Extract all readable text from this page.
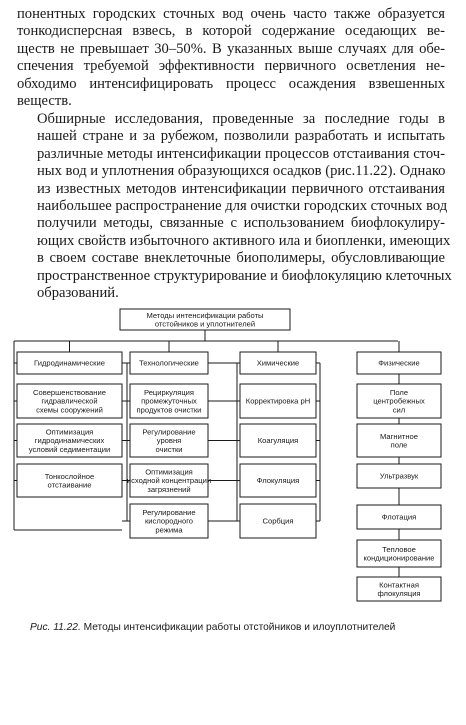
понентных городских сточных вод очень часто также образуется
тонкодисперсная взвесь, в которой содержание оседающих ве-
ществ не превышает 30–50%. В указанных выше случаях для обе-
спечения требуемой эффективности первичного осветления не-
обходимо интенсифицировать процесс осаждения взвешенных
веществ.
Обширные исследования, проведенные за последние годы в
нашей стране и за рубежом, позволили разработать и испытать
различные методы интенсификации процессов отстаивания сточ-
ных вод и уплотнения образующихся осадков (рис.11.22). Однако
из известных методов интенсификации первичного отстаивания
наибольшее распространение для очистки городских сточных вод
получили методы, связанные с использованием биофлокулиру-
ющих свойств избыточного активного ила и биопленки, имеющих
в своем составе внеклеточные биополимеры, обусловливающие
пространственное структурирование и биофлокуляцию клеточных
образований.
Методы интенсификации работы
отстойников и уплотнителей
Гидродинамические
Совершенствование
гидравлической
схемы сооружений
Оптимизация
гидродинамических
условий седиментации
Тонкослойное
отстаивание
Технологические
Рециркуляция
промежуточных
продуктов очистки
Регулирование
уровня
очистки
Оптимизация
исходной концентрации
загрязнений
Регулирование
кислородного
режима
Химические
Корректировка pH
Коагуляция
Флокуляция
Сорбция
Физические
Поле
центробежных
сил
Магнитное
поле
Ультразвук
Флотация
Тепловое
кондиционирование
Контактная
флокуляция
Рис. 11.22. Методы интенсификации работы отстойников и илоуплотнителей
